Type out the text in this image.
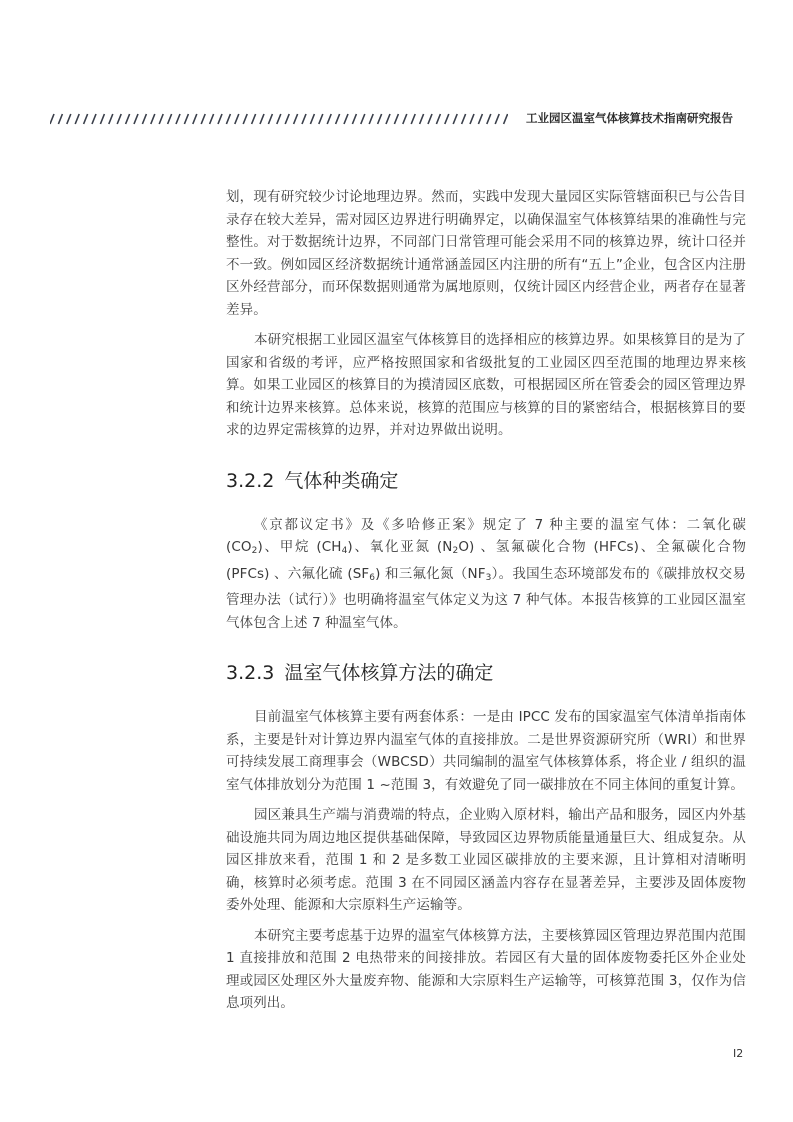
工业园区温室气体核算技术指南研究报告

划，现有研究较少讨论地理边界。然而，实践中发现大量园区实际管辖面积已与公告目录存在较大差异，需对园区边界进行明确界定，以确保温室气体核算结果的准确性与完整性。对于数据统计边界，不同部门日常管理可能会采用不同的核算边界，统计口径并不一致。例如园区经济数据统计通常涵盖园区内注册的所有“五上”企业，包含区内注册区外经营部分，而环保数据则通常为属地原则，仅统计园区内经营企业，两者存在显著差异。

本研究根据工业园区温室气体核算目的选择相应的核算边界。如果核算目的是为了国家和省级的考评，应严格按照国家和省级批复的工业园区四至范围的地理边界来核算。如果工业园区的核算目的为摸清园区底数，可根据园区所在管委会的园区管理边界和统计边界来核算。总体来说，核算的范围应与核算的目的紧密结合，根据核算目的要求的边界定需核算的边界，并对边界做出说明。

3.2.2 气体种类确定

《京都议定书》及《多哈修正案》规定了 7 种主要的温室气体：二氧化碳 $(CO_2)$、甲烷 $(CH_4)$、氧化亚氮 $(N_2O)$ 、氢氟碳化合物 (HFCs)、全氟碳化合物 (PFCs) 、六氟化硫 $(SF_6)$ 和三氟化氮$(NF_3)$。我国生态环境部发布的《碳排放权交易管理办法（试行）》也明确将温室气体定义为这 7 种气体。本报告核算的工业园区温室气体包含上述 7 种温室气体。

3.2.3 温室气体核算方法的确定

目前温室气体核算主要有两套体系：一是由 IPCC 发布的国家温室气体清单指南体系，主要是针对计算边界内温室气体的直接排放。二是世界资源研究所（WRI）和世界可持续发展工商理事会（WBCSD）共同编制的温室气体核算体系，将企业 / 组织的温室气体排放划分为范围 1 ~范围 3，有效避免了同一碳排放在不同主体间的重复计算。

园区兼具生产端与消费端的特点，企业购入原材料，输出产品和服务，园区内外基础设施共同为周边地区提供基础保障，导致园区边界物质能量通量巨大、组成复杂。从园区排放来看，范围 1 和 2 是多数工业园区碳排放的主要来源，且计算相对清晰明确，核算时必须考虑。范围 3 在不同园区涵盖内容存在显著差异，主要涉及固体废物委外处理、能源和大宗原料生产运输等。

本研究主要考虑基于边界的温室气体核算方法，主要核算园区管理边界范围内范围 1 直接排放和范围 2 电热带来的间接排放。若园区有大量的固体废物委托区外企业处理或园区处理区外大量废弃物、能源和大宗原料生产运输等，可核算范围 3，仅作为信息项列出。

I2
